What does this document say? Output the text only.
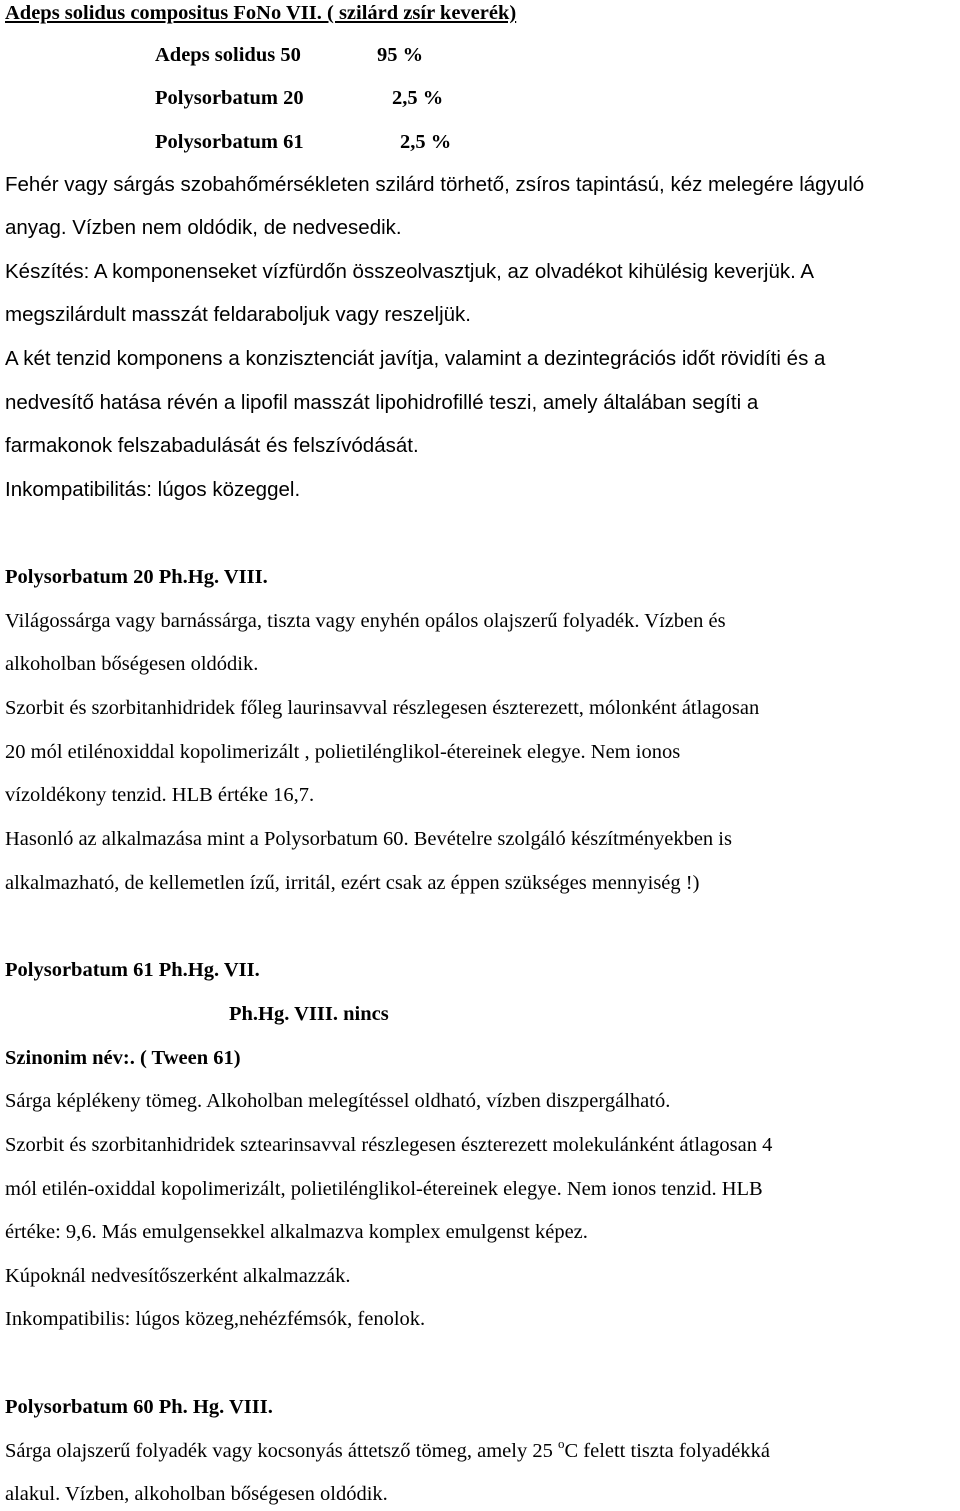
Adeps solidus compositus FoNo VII. ( szilárd zsír keverék)
Adeps solidus 50	95 %
Polysorbatum 20	2,5 %
Polysorbatum 61	2,5 %
Fehér vagy sárgás szobahőmérsékleten szilárd törhető, zsíros tapintású, kéz melegére lágyuló
anyag. Vízben nem oldódik, de nedvesedik.
Készítés: A komponenseket vízfürdőn összeolvasztjuk, az olvadékot kihülésig keverjük. A
megszilárdult masszát feldaraboljuk vagy reszeljük.
A két tenzid komponens a konzisztenciát javítja, valamint a dezintegrációs időt rövidíti és a
nedvesítő hatása révén a lipofil masszát lipohidrofillé teszi, amely általában segíti a
farmakonok felszabadulását és felszívódását.
Inkompatibilitás: lúgos közeggel.
Polysorbatum 20 Ph.Hg. VIII.
Világossárga vagy barnássárga, tiszta vagy enyhén opálos olajszerű folyadék. Vízben és
alkoholban bőségesen oldódik.
Szorbit és szorbitanhidridek főleg laurinsavval részlegesen észterezett, mólonként átlagosan
20 mól etilénoxiddal kopolimerizált , polietilénglikol-étereinek elegye. Nem ionos
vízoldékony tenzid. HLB értéke 16,7.
Hasonló az alkalmazása mint a Polysorbatum 60. Bevételre szolgáló készítményekben is
alkalmazható, de kellemetlen ízű, irritál, ezért csak az éppen szükséges mennyiség !)
Polysorbatum 61 Ph.Hg. VII.
Ph.Hg. VIII. nincs
Szinonim név:. ( Tween 61)
Sárga képlékeny tömeg. Alkoholban melegítéssel oldható, vízben diszpergálható.
Szorbit és szorbitanhidridek sztearinsavval részlegesen észterezett molekulánként átlagosan 4
mól etilén-oxiddal kopolimerizált, polietilénglikol-étereinek elegye. Nem ionos tenzid. HLB
értéke: 9,6. Más emulgensekkel alkalmazva komplex emulgenst képez.
Kúpoknál nedvesítőszerként alkalmazzák.
Inkompatibilis: lúgos közeg,nehézfémsók, fenolok.
Polysorbatum 60 Ph. Hg. VIII.
Sárga olajszerű folyadék vagy kocsonyás áttetsző tömeg, amely 25 $^o$C felett tiszta folyadékká
alakul. Vízben, alkoholban bőségesen oldódik.
